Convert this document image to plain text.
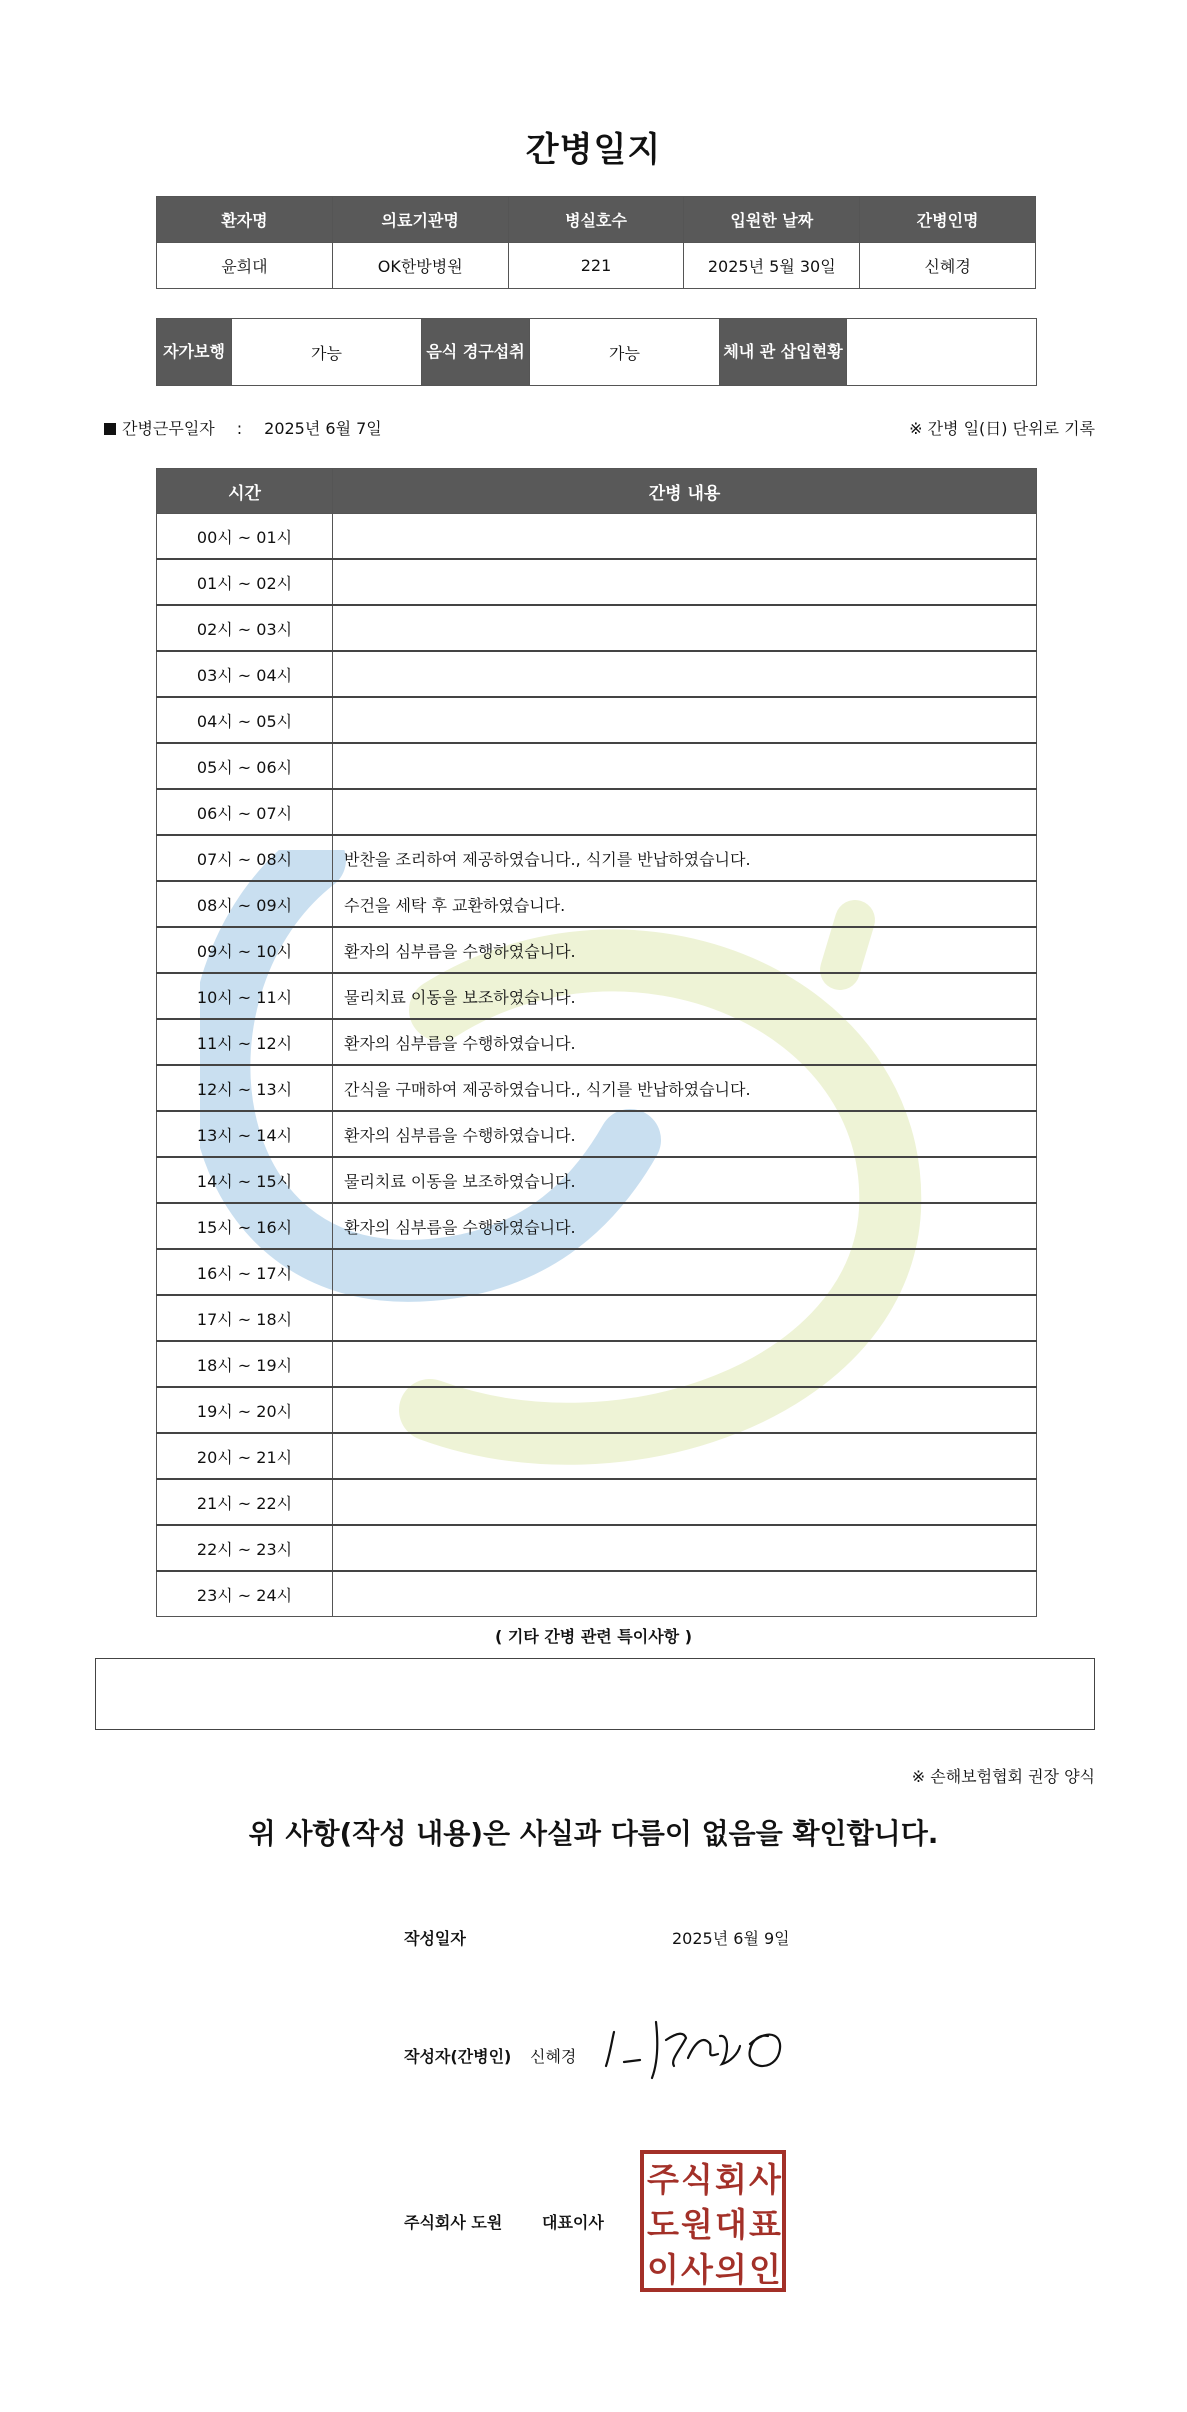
간병일지
환자명	의료기관명	병실호수	입원한 날짜	간병인명
윤희대	OK한방병원	221	2025년 5월 30일	신혜경
자가보행	가능	음식 경구섭취	가능	체내 관 삽입현황	
간병근무일자 : 2025년 6월 7일	※ 간병 일(日) 단위로 기록
시간	간병 내용
00시 ~ 01시	
01시 ~ 02시	
02시 ~ 03시	
03시 ~ 04시	
04시 ~ 05시	
05시 ~ 06시	
06시 ~ 07시	
07시 ~ 08시	반찬을 조리하여 제공하였습니다., 식기를 반납하였습니다.
08시 ~ 09시	수건을 세탁 후 교환하였습니다.
09시 ~ 10시	환자의 심부름을 수행하였습니다.
10시 ~ 11시	물리치료 이동을 보조하였습니다.
11시 ~ 12시	환자의 심부름을 수행하였습니다.
12시 ~ 13시	간식을 구매하여 제공하였습니다., 식기를 반납하였습니다.
13시 ~ 14시	환자의 심부름을 수행하였습니다.
14시 ~ 15시	물리치료 이동을 보조하였습니다.
15시 ~ 16시	환자의 심부름을 수행하였습니다.
16시 ~ 17시	
17시 ~ 18시	
18시 ~ 19시	
19시 ~ 20시	
20시 ~ 21시	
21시 ~ 22시	
22시 ~ 23시	
23시 ~ 24시	
( 기타 간병 관련 특이사항 )
※ 손해보험협회 권장 양식
위 사항(작성 내용)은 사실과 다름이 없음을 확인합니다.
작성일자	2025년 6월 9일
작성자(간병인) 신혜경
주식회사 도원 대표이사
주 식 회 사
도 원 대 표
이 사 의 인
